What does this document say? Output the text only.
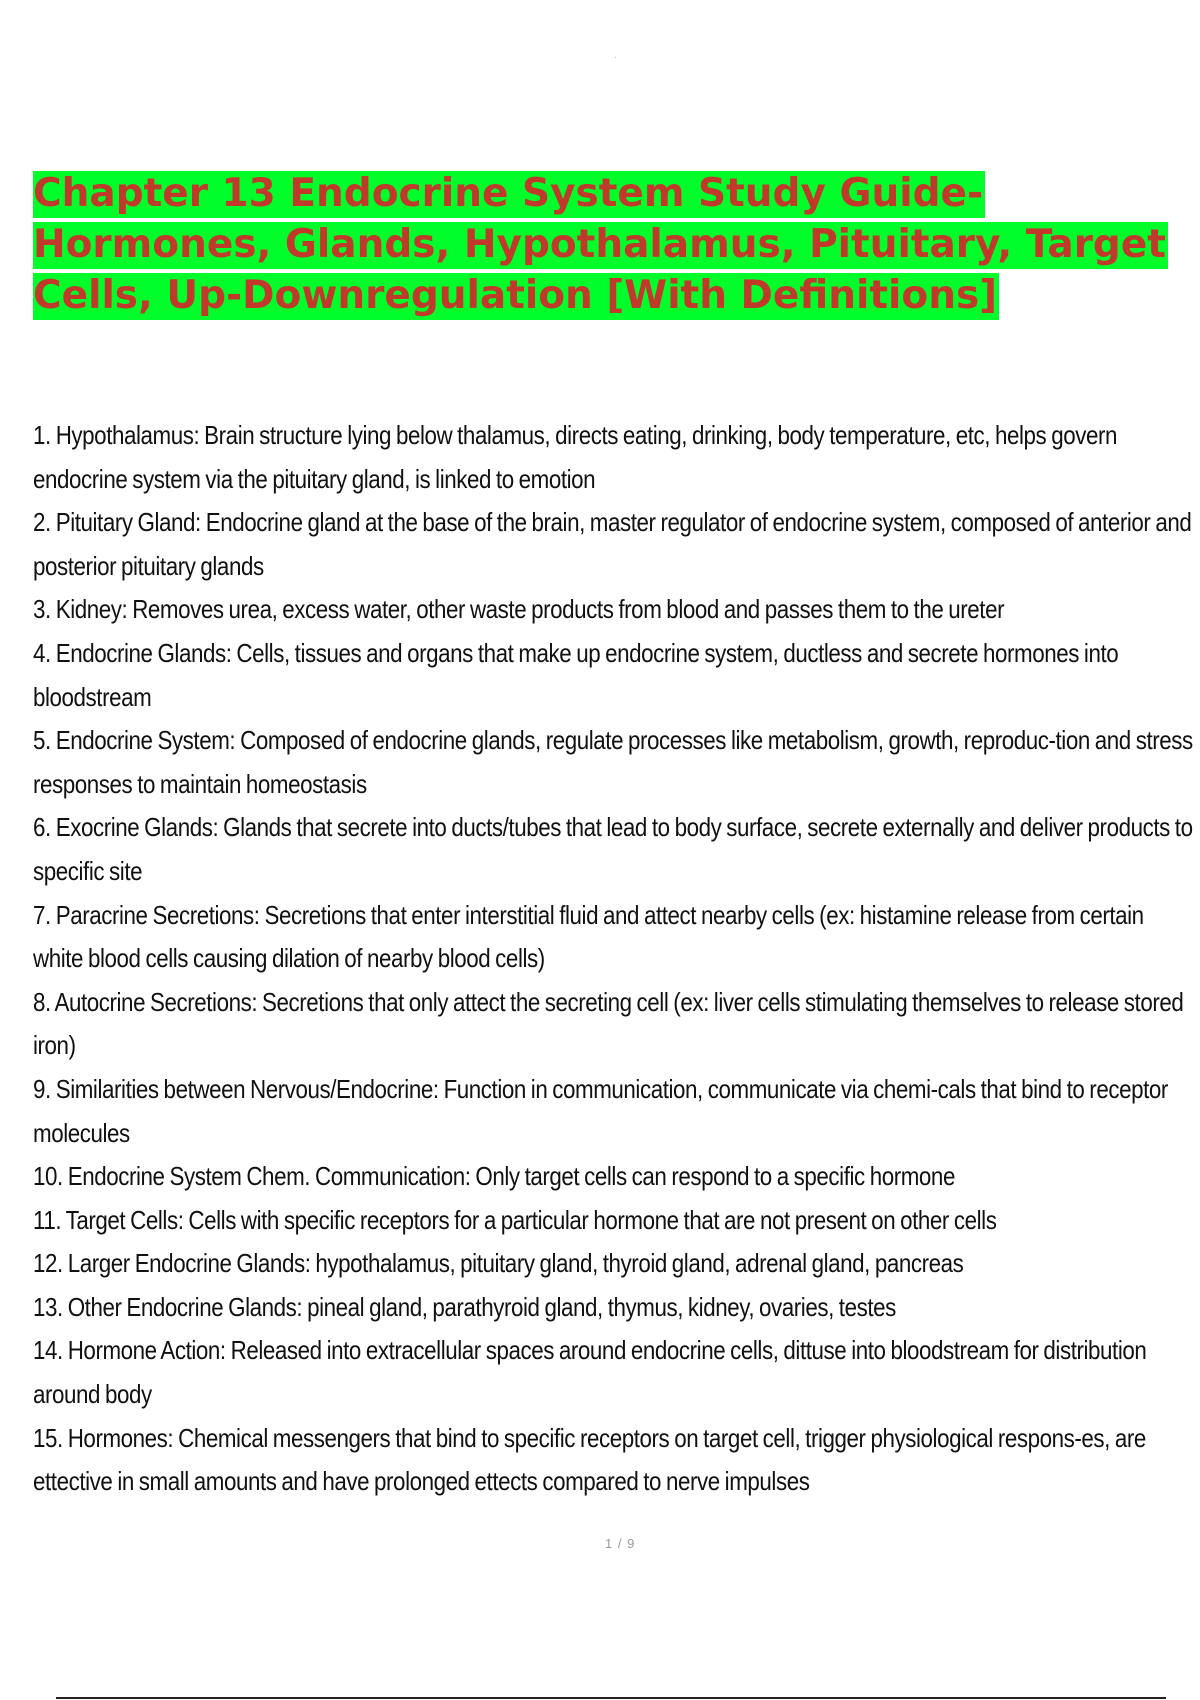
.
Chapter 13 Endocrine System Study Guide- Hormones, Glands, Hypothalamus, Pituitary, Target Cells, Up-Downregulation [With Definitions]
1. Hypothalamus: Brain structure lying below thalamus, directs eating, drinking, body temperature, etc, helps govern endocrine system via the pituitary gland, is linked to emotion
2. Pituitary Gland: Endocrine gland at the base of the brain, master regulator of endocrine system, composed of anterior and posterior pituitary glands
3. Kidney: Removes urea, excess water, other waste products from blood and passes them to the ureter
4. Endocrine Glands: Cells, tissues and organs that make up endocrine system, ductless and secrete hormones into bloodstream
5. Endocrine System: Composed of endocrine glands, regulate processes like metabolism, growth, reproduc-tion and stress responses to maintain homeostasis
6. Exocrine Glands: Glands that secrete into ducts/tubes that lead to body surface, secrete externally and deliver products to specific site
7. Paracrine Secretions: Secretions that enter interstitial fluid and attect nearby cells (ex: histamine release from certain white blood cells causing dilation of nearby blood cells)
8. Autocrine Secretions: Secretions that only attect the secreting cell (ex: liver cells stimulating themselves to release stored iron)
9. Similarities between Nervous/Endocrine: Function in communication, communicate via chemi-cals that bind to receptor molecules
10. Endocrine System Chem. Communication: Only target cells can respond to a specific hormone
11. Target Cells: Cells with specific receptors for a particular hormone that are not present on other cells
12. Larger Endocrine Glands: hypothalamus, pituitary gland, thyroid gland, adrenal gland, pancreas
13. Other Endocrine Glands: pineal gland, parathyroid gland, thymus, kidney, ovaries, testes
14. Hormone Action: Released into extracellular spaces around endocrine cells, dittuse into bloodstream for distribution around body
15. Hormones: Chemical messengers that bind to specific receptors on target cell, trigger physiological respons-es, are ettective in small amounts and have prolonged ettects compared to nerve impulses
1 / 9
